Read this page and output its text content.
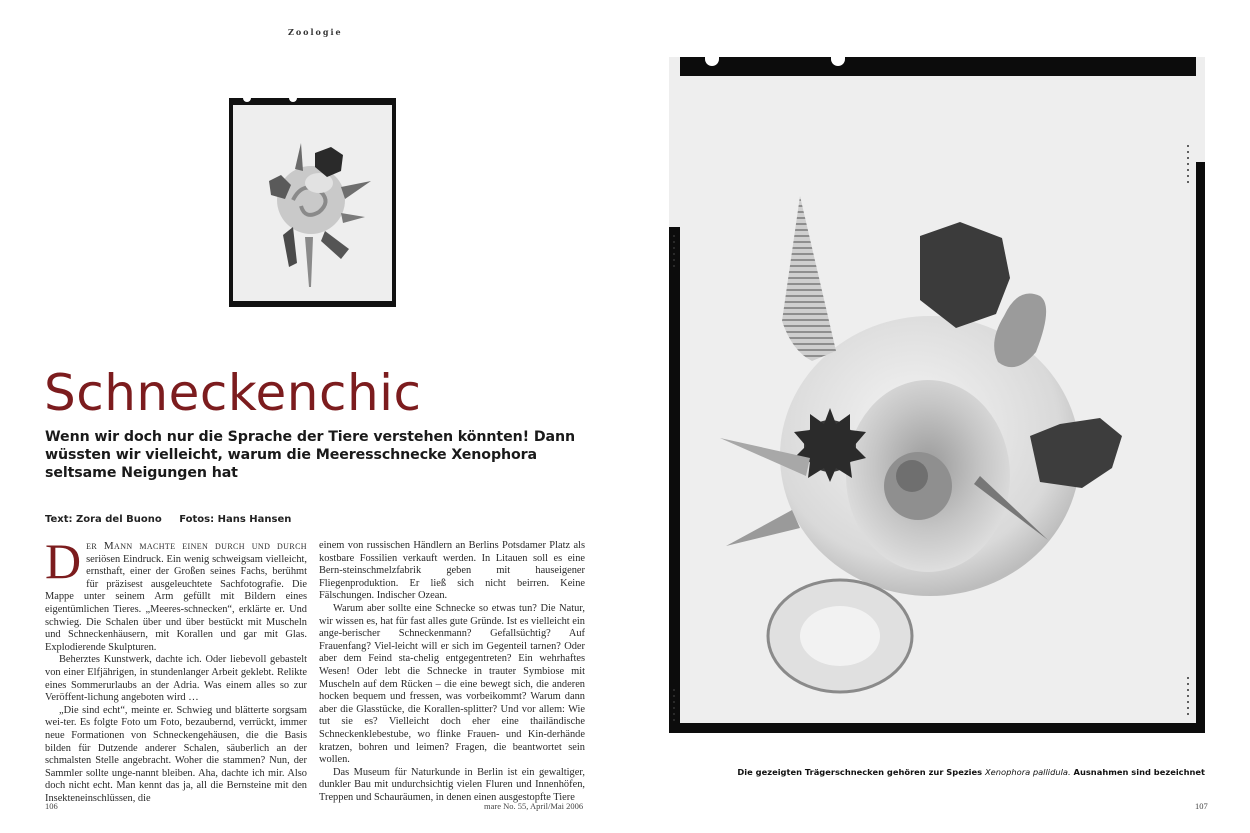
Zoologie
Schneckenchic

Wenn wir doch nur die Sprache der Tiere verstehen könnten! Dann wüssten wir vielleicht, warum die Meeresschnecke Xenophora seltsame Neigungen hat

Text: Zora del Buono Fotos: Hans Hansen

D er Mann machte einen durch und durch seriösen Eindruck. Ein wenig schweigsam vielleicht, ernsthaft, einer der Großen seines Fachs, berühmt für präzisest ausgeleuchtete Sachfotografie. Die Mappe unter seinem Arm gefüllt mit Bildern eines eigentümlichen Tieres. „Meeres-schnecken“, erklärte er. Und schwieg. Die Schalen über und über bestückt mit Muscheln und Schneckenhäusern, mit Korallen und gar mit Glas. Explodierende Skulpturen.

Beherztes Kunstwerk, dachte ich. Oder liebevoll gebastelt von einer Elfjährigen, in stundenlanger Arbeit geklebt. Relikte eines Sommerurlaubs an der Adria. Was einem alles so zur Veröffent-lichung angeboten wird …

„Die sind echt“, meinte er. Schwieg und blätterte sorgsam wei-ter. Es folgte Foto um Foto, bezaubernd, verrückt, immer neue Formationen von Schneckengehäusen, die die Basis bilden für Dutzende anderer Schalen, säuberlich an der schmalsten Stelle angebracht. Woher die stammen? Nun, der Sammler sollte unge-nannt bleiben. Aha, dachte ich mir. Also doch nicht echt. Man kennt das ja, all die Bernsteine mit den Insekteneinschlüssen, die

einem von russischen Händlern an Berlins Potsdamer Platz als kostbare Fossilien verkauft werden. In Litauen soll es eine Bern-steinschmelzfabrik geben mit hauseigener Fliegenproduktion. Er ließ sich nicht beirren. Keine Fälschungen. Indischer Ozean.

Warum aber sollte eine Schnecke so etwas tun? Die Natur, wir wissen es, hat für fast alles gute Gründe. Ist es vielleicht ein ange-berischer Schneckenmann? Gefallsüchtig? Auf Frauenfang? Viel-leicht will er sich im Gegenteil tarnen? Oder aber dem Feind sta-chelig entgegentreten? Ein wehrhaftes Wesen! Oder lebt die Schnecke in trauter Symbiose mit Muscheln auf dem Rücken – die eine bewegt sich, die anderen hocken bequem und fressen, was vorbeikommt? Warum dann aber die Glasstücke, die Korallen-splitter? Und vor allem: Wie tut sie es? Vielleicht doch eher eine thailändische Schneckenklebestube, wo flinke Frauen- und Kin-derhände kratzen, bohren und leimen? Fragen, die beantwortet sein wollen.

Das Museum für Naturkunde in Berlin ist ein gewaltiger, dunkler Bau mit undurchsichtig vielen Fluren und Innenhöfen, Treppen und Schauräumen, in denen einen ausgestopfte Tiere

106	mare No. 55, April/Mai 2006
Die gezeigten Trägerschnecken gehören zur Spezies Xenophora pallidula. Ausnahmen sind bezeichnet
107
